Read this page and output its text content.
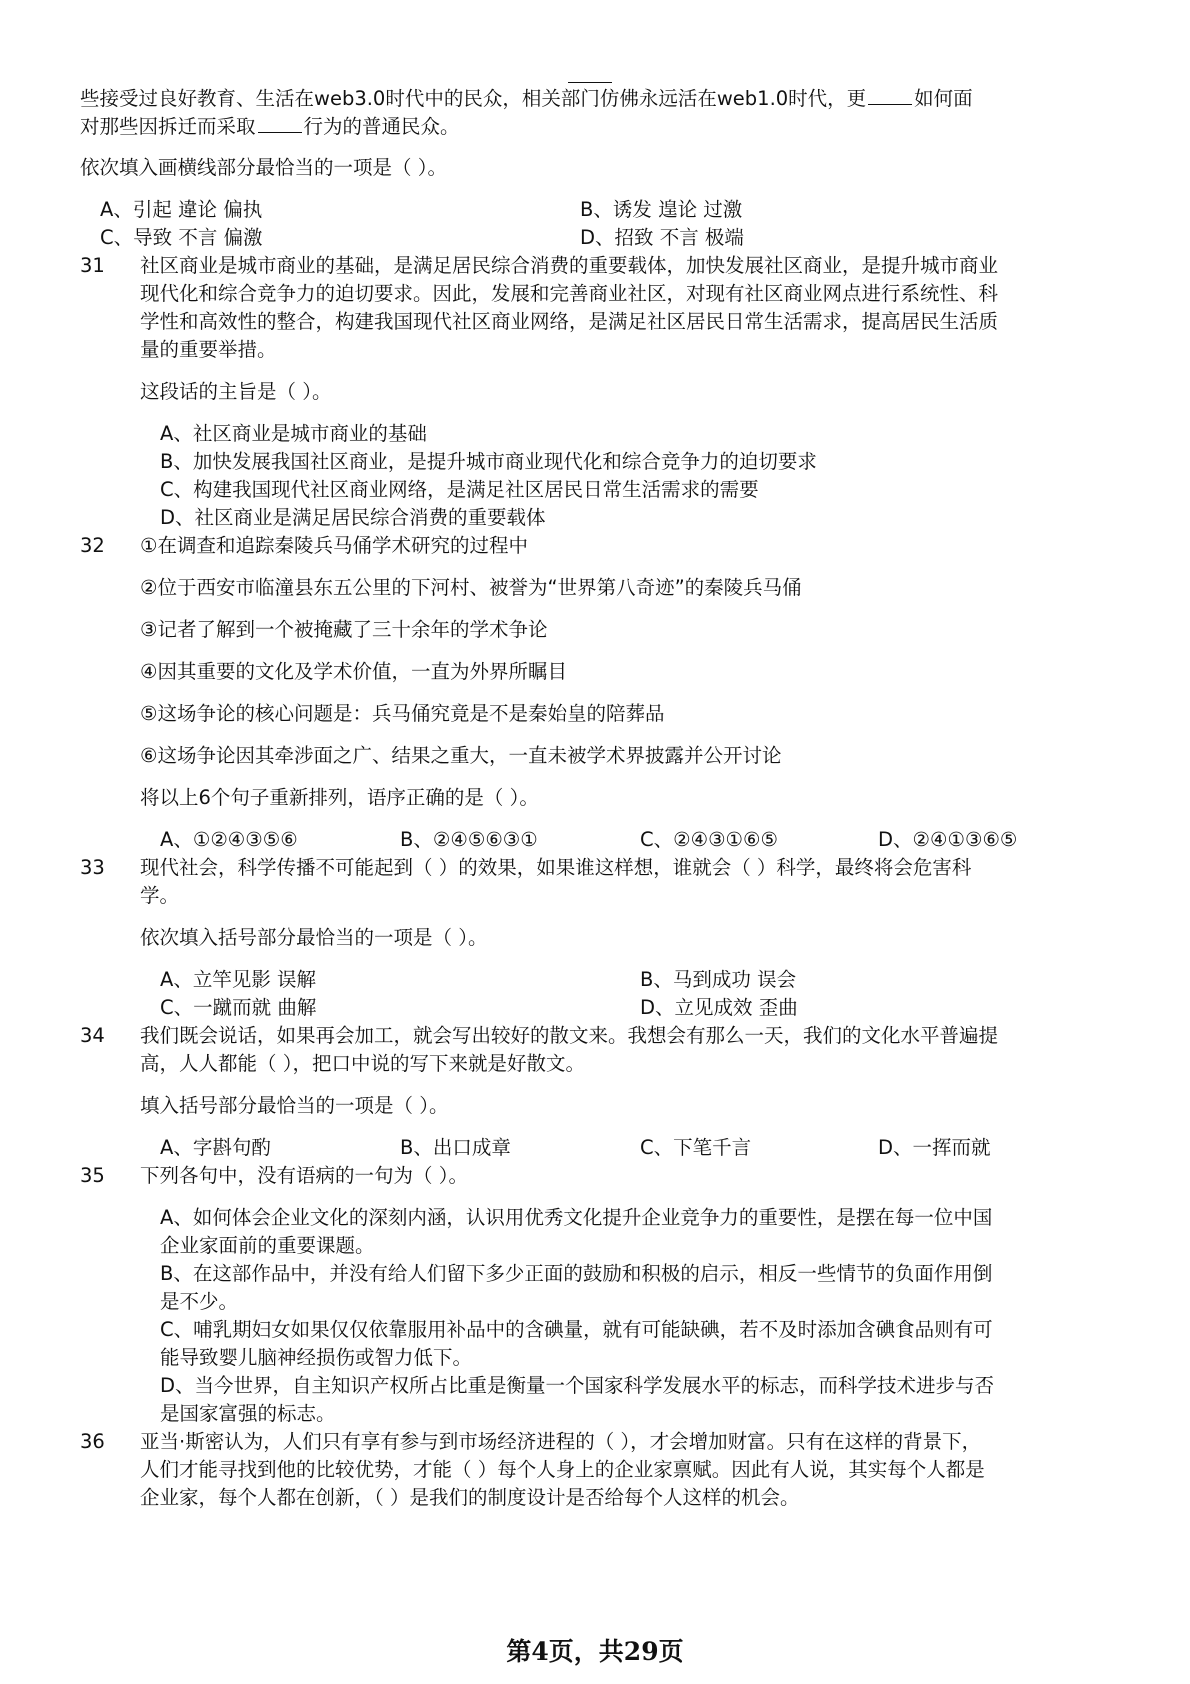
些接受过良好教育、生活在web3.0时代中的民众，相关部门仿佛永远活在web1.0时代，更 如何面
对那些因拆迁而采取 行为的普通民众。
依次填入画横线部分最恰当的一项是（ ）。
A、引起 違论 偏执	B、诱发 遑论 过激
C、导致 不言 偏激	D、招致 不言 极端
31 社区商业是城市商业的基础，是满足居民综合消费的重要载体，加快发展社区商业，是提升城市商业
现代化和综合竞争力的迫切要求。因此，发展和完善商业社区，对现有社区商业网点进行系统性、科
学性和高效性的整合，构建我国现代社区商业网络，是满足社区居民日常生活需求，提高居民生活质
量的重要举措。
这段话的主旨是（ ）。
A、社区商业是城市商业的基础
B、加快发展我国社区商业，是提升城市商业现代化和综合竞争力的迫切要求
C、构建我国现代社区商业网络，是满足社区居民日常生活需求的需要
D、社区商业是满足居民综合消费的重要载体
32 ①在调查和追踪秦陵兵马俑学术研究的过程中
②位于西安市临潼县东五公里的下河村、被誉为“世界第八奇迹”的秦陵兵马俑
③记者了解到一个被掩藏了三十余年的学术争论
④因其重要的文化及学术价值，一直为外界所瞩目
⑤这场争论的核心问题是：兵马俑究竟是不是秦始皇的陪葬品
⑥这场争论因其牵涉面之广、结果之重大，一直未被学术界披露并公开讨论
将以上6个句子重新排列，语序正确的是（ ）。
A、①②④③⑤⑥	B、②④⑤⑥③①	C、②④③①⑥⑤	D、②④①③⑥⑤
33 现代社会，科学传播不可能起到（ ）的效果，如果谁这样想，谁就会（ ）科学，最终将会危害科
学。
依次填入括号部分最恰当的一项是（ ）。
A、立竿见影 误解	B、马到成功 误会
C、一蹴而就 曲解	D、立见成效 歪曲
34 我们既会说话，如果再会加工，就会写出较好的散文来。我想会有那么一天，我们的文化水平普遍提
高，人人都能（ ），把口中说的写下来就是好散文。
填入括号部分最恰当的一项是（ ）。
A、字斟句酌	B、出口成章	C、下笔千言	D、一挥而就
35 下列各句中，没有语病的一句为（ ）。
A、如何体会企业文化的深刻内涵，认识用优秀文化提升企业竞争力的重要性，是摆在每一位中国
企业家面前的重要课题。
B、在这部作品中，并没有给人们留下多少正面的鼓励和积极的启示，相反一些情节的负面作用倒
是不少。
C、哺乳期妇女如果仅仅依靠服用补品中的含碘量，就有可能缺碘，若不及时添加含碘食品则有可
能导致婴儿脑神经损伤或智力低下。
D、当今世界，自主知识产权所占比重是衡量一个国家科学发展水平的标志，而科学技术进步与否
是国家富强的标志。
36 亚当·斯密认为，人们只有享有参与到市场经济进程的（ ），才会增加财富。只有在这样的背景下，
人们才能寻找到他的比较优势，才能（ ）每个人身上的企业家禀赋。因此有人说，其实每个人都是
企业家，每个人都在创新，（ ）是我们的制度设计是否给每个人这样的机会。
第4页，共29页
